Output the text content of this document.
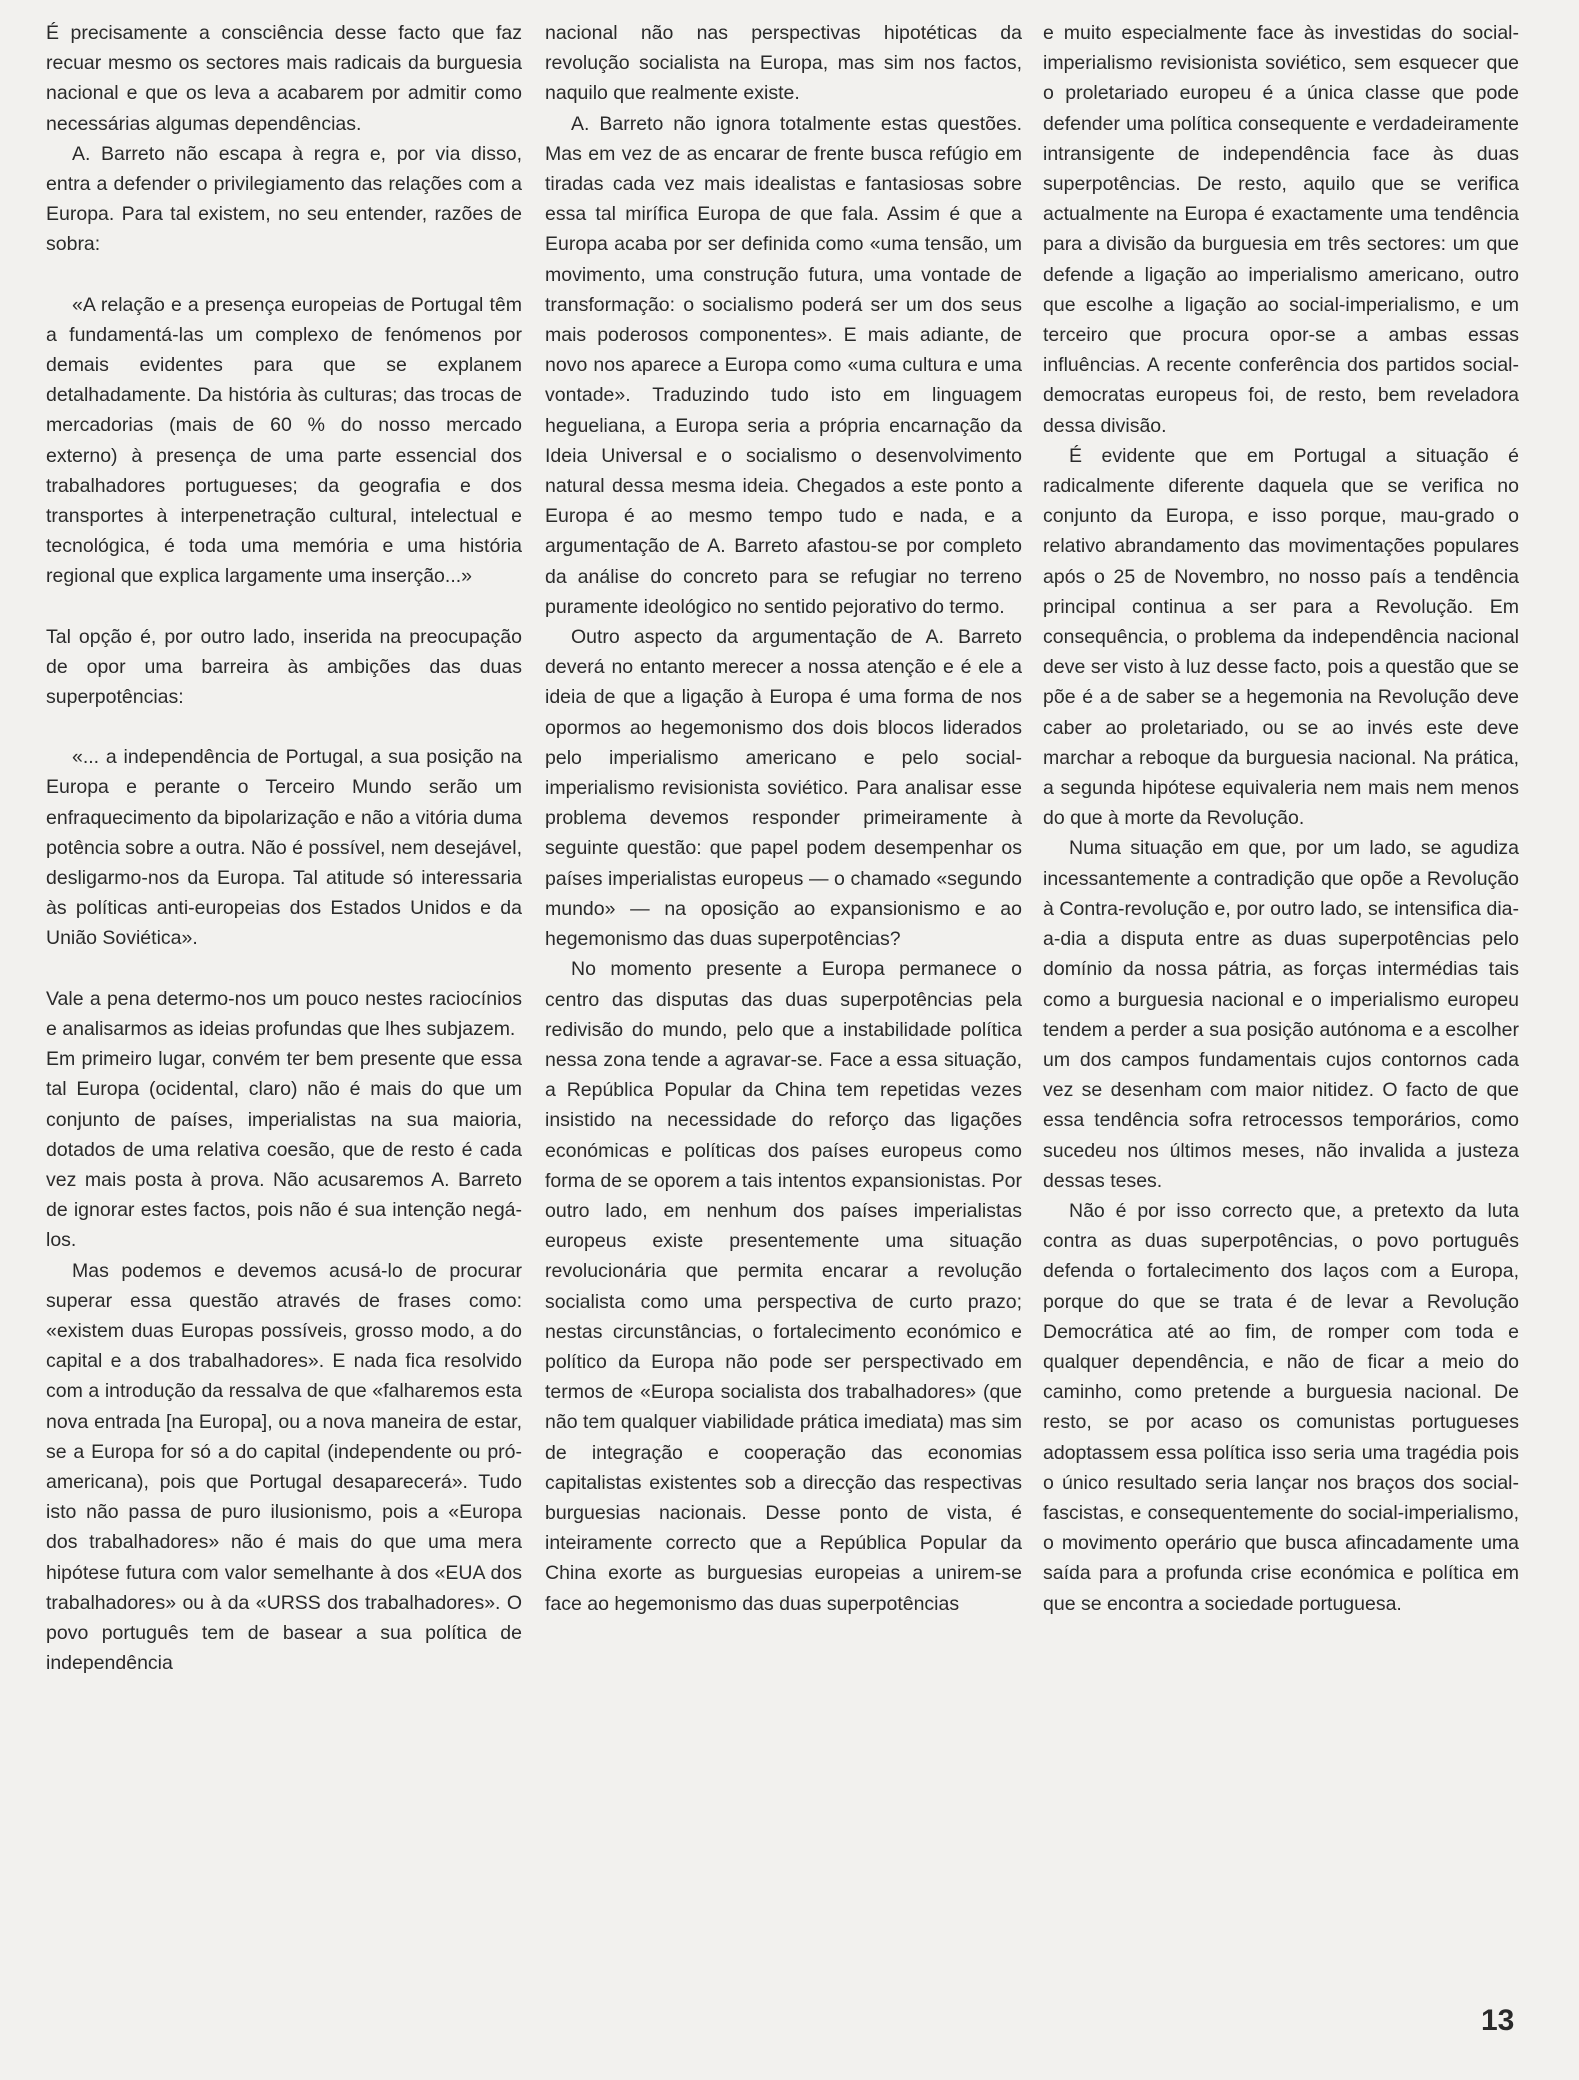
É precisamente a consciência desse facto que faz recuar mesmo os sectores mais radicais da burguesia nacional e que os leva a acabarem por admitir como necessárias algumas dependências.

A. Barreto não escapa à regra e, por via disso, entra a defender o privilegiamento das relações com a Europa. Para tal existem, no seu entender, razões de sobra:

«A relação e a presença europeias de Portugal têm a fundamentá-las um complexo de fenómenos por demais evidentes para que se explanem detalhadamente. Da história às culturas; das trocas de mercadorias (mais de 60 % do nosso mercado externo) à presença de uma parte essencial dos trabalhadores portugueses; da geografia e dos transportes à interpenetração cultural, intelectual e tecnológica, é toda uma memória e uma história regional que explica largamente uma inserção...»

Tal opção é, por outro lado, inserida na preocupação de opor uma barreira às ambições das duas superpotências:

«... a independência de Portugal, a sua posição na Europa e perante o Terceiro Mundo serão um enfraquecimento da bipolarização e não a vitória duma potência sobre a outra. Não é possível, nem desejável, desligarmo-nos da Europa. Tal atitude só interessaria às políticas anti-europeias dos Estados Unidos e da União Soviética».

Vale a pena determo-nos um pouco nestes raciocínios e analisarmos as ideias profundas que lhes subjazem.

Em primeiro lugar, convém ter bem presente que essa tal Europa (ocidental, claro) não é mais do que um conjunto de países, imperialistas na sua maioria, dotados de uma relativa coesão, que de resto é cada vez mais posta à prova. Não acusaremos A. Barreto de ignorar estes factos, pois não é sua intenção negá-los.

Mas podemos e devemos acusá-lo de procurar superar essa questão através de frases como: «existem duas Europas possíveis, grosso modo, a do capital e a dos trabalhadores». E nada fica resolvido com a introdução da ressalva de que «falharemos esta nova entrada [na Europa], ou a nova maneira de estar, se a Europa for só a do capital (independente ou pró-americana), pois que Portugal desaparecerá». Tudo isto não passa de puro ilusionismo, pois a «Europa dos trabalhadores» não é mais do que uma mera hipótese futura com valor semelhante à dos «EUA dos trabalhadores» ou à da «URSS dos trabalhadores». O povo português tem de basear a sua política de independência

nacional não nas perspectivas hipotéticas da revolução socialista na Europa, mas sim nos factos, naquilo que realmente existe.

A. Barreto não ignora totalmente estas questões. Mas em vez de as encarar de frente busca refúgio em tiradas cada vez mais idealistas e fantasiosas sobre essa tal mirífica Europa de que fala. Assim é que a Europa acaba por ser definida como «uma tensão, um movimento, uma construção futura, uma vontade de transformação: o socialismo poderá ser um dos seus mais poderosos componentes». E mais adiante, de novo nos aparece a Europa como «uma cultura e uma vontade». Traduzindo tudo isto em linguagem hegueliana, a Europa seria a própria encarnação da Ideia Universal e o socialismo o desenvolvimento natural dessa mesma ideia. Chegados a este ponto a Europa é ao mesmo tempo tudo e nada, e a argumentação de A. Barreto afastou-se por completo da análise do concreto para se refugiar no terreno puramente ideológico no sentido pejorativo do termo.

Outro aspecto da argumentação de A. Barreto deverá no entanto merecer a nossa atenção e é ele a ideia de que a ligação à Europa é uma forma de nos opormos ao hegemonismo dos dois blocos liderados pelo imperialismo americano e pelo social-imperialismo revisionista soviético. Para analisar esse problema devemos responder primeiramente à seguinte questão: que papel podem desempenhar os países imperialistas europeus — o chamado «segundo mundo» — na oposição ao expansionismo e ao hegemonismo das duas superpotências?

No momento presente a Europa permanece o centro das disputas das duas superpotências pela redivisão do mundo, pelo que a instabilidade política nessa zona tende a agravar-se. Face a essa situação, a República Popular da China tem repetidas vezes insistido na necessidade do reforço das ligações económicas e políticas dos países europeus como forma de se oporem a tais intentos expansionistas. Por outro lado, em nenhum dos países imperialistas europeus existe presentemente uma situação revolucionária que permita encarar a revolução socialista como uma perspectiva de curto prazo; nestas circunstâncias, o fortalecimento económico e político da Europa não pode ser perspectivado em termos de «Europa socialista dos trabalhadores» (que não tem qualquer viabilidade prática imediata) mas sim de integração e cooperação das economias capitalistas existentes sob a direcção das respectivas burguesias nacionais. Desse ponto de vista, é inteiramente correcto que a República Popular da China exorte as burguesias europeias a unirem-se face ao hegemonismo das duas superpotências

e muito especialmente face às investidas do social-imperialismo revisionista soviético, sem esquecer que o proletariado europeu é a única classe que pode defender uma política consequente e verdadeiramente intransigente de independência face às duas superpotências. De resto, aquilo que se verifica actualmente na Europa é exactamente uma tendência para a divisão da burguesia em três sectores: um que defende a ligação ao imperialismo americano, outro que escolhe a ligação ao social-imperialismo, e um terceiro que procura opor-se a ambas essas influências. A recente conferência dos partidos social-democratas europeus foi, de resto, bem reveladora dessa divisão.

É evidente que em Portugal a situação é radicalmente diferente daquela que se verifica no conjunto da Europa, e isso porque, mau-grado o relativo abrandamento das movimentações populares após o 25 de Novembro, no nosso país a tendência principal continua a ser para a Revolução. Em consequência, o problema da independência nacional deve ser visto à luz desse facto, pois a questão que se põe é a de saber se a hegemonia na Revolução deve caber ao proletariado, ou se ao invés este deve marchar a reboque da burguesia nacional. Na prática, a segunda hipótese equivaleria nem mais nem menos do que à morte da Revolução.

Numa situação em que, por um lado, se agudiza incessantemente a contradição que opõe a Revolução à Contra-revolução e, por outro lado, se intensifica dia-a-dia a disputa entre as duas superpotências pelo domínio da nossa pátria, as forças intermédias tais como a burguesia nacional e o imperialismo europeu tendem a perder a sua posição autónoma e a escolher um dos campos fundamentais cujos contornos cada vez se desenham com maior nitidez. O facto de que essa tendência sofra retrocessos temporários, como sucedeu nos últimos meses, não invalida a justeza dessas teses.

Não é por isso correcto que, a pretexto da luta contra as duas superpotências, o povo português defenda o fortalecimento dos laços com a Europa, porque do que se trata é de levar a Revolução Democrática até ao fim, de romper com toda e qualquer dependência, e não de ficar a meio do caminho, como pretende a burguesia nacional. De resto, se por acaso os comunistas portugueses adoptassem essa política isso seria uma tragédia pois o único resultado seria lançar nos braços dos social-fascistas, e consequentemente do social-imperialismo, o movimento operário que busca afincadamente uma saída para a profunda crise económica e política em que se encontra a sociedade portuguesa.

13
